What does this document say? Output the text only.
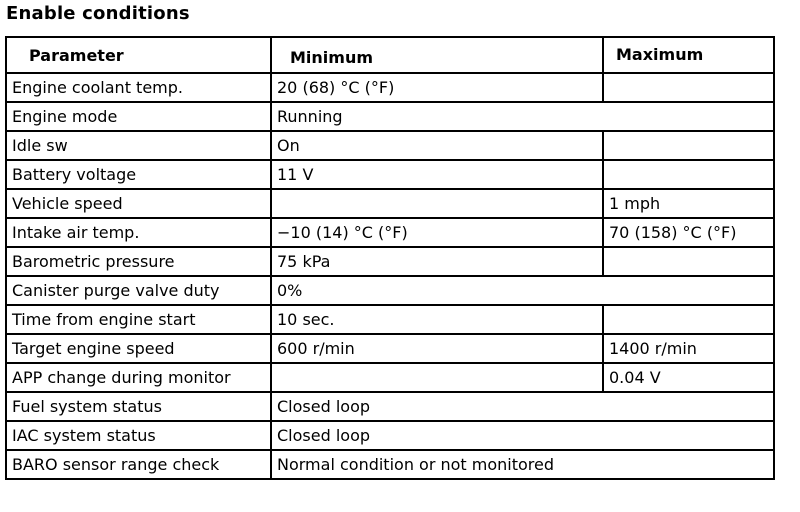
Enable conditions
Parameter	Minimum	Maximum
Engine coolant temp.	20 (68) °C (°F)	
Engine mode	Running	
Idle sw	On	
Battery voltage	11 V	
Vehicle speed		1 mph
Intake air temp.	−10 (14) °C (°F)	70 (158) °C (°F)
Barometric pressure	75 kPa	
Canister purge valve duty	0%	
Time from engine start	10 sec.	
Target engine speed	600 r/min	1400 r/min
APP change during monitor		0.04 V
Fuel system status	Closed loop	
IAC system status	Closed loop	
BARO sensor range check	Normal condition or not monitored	
